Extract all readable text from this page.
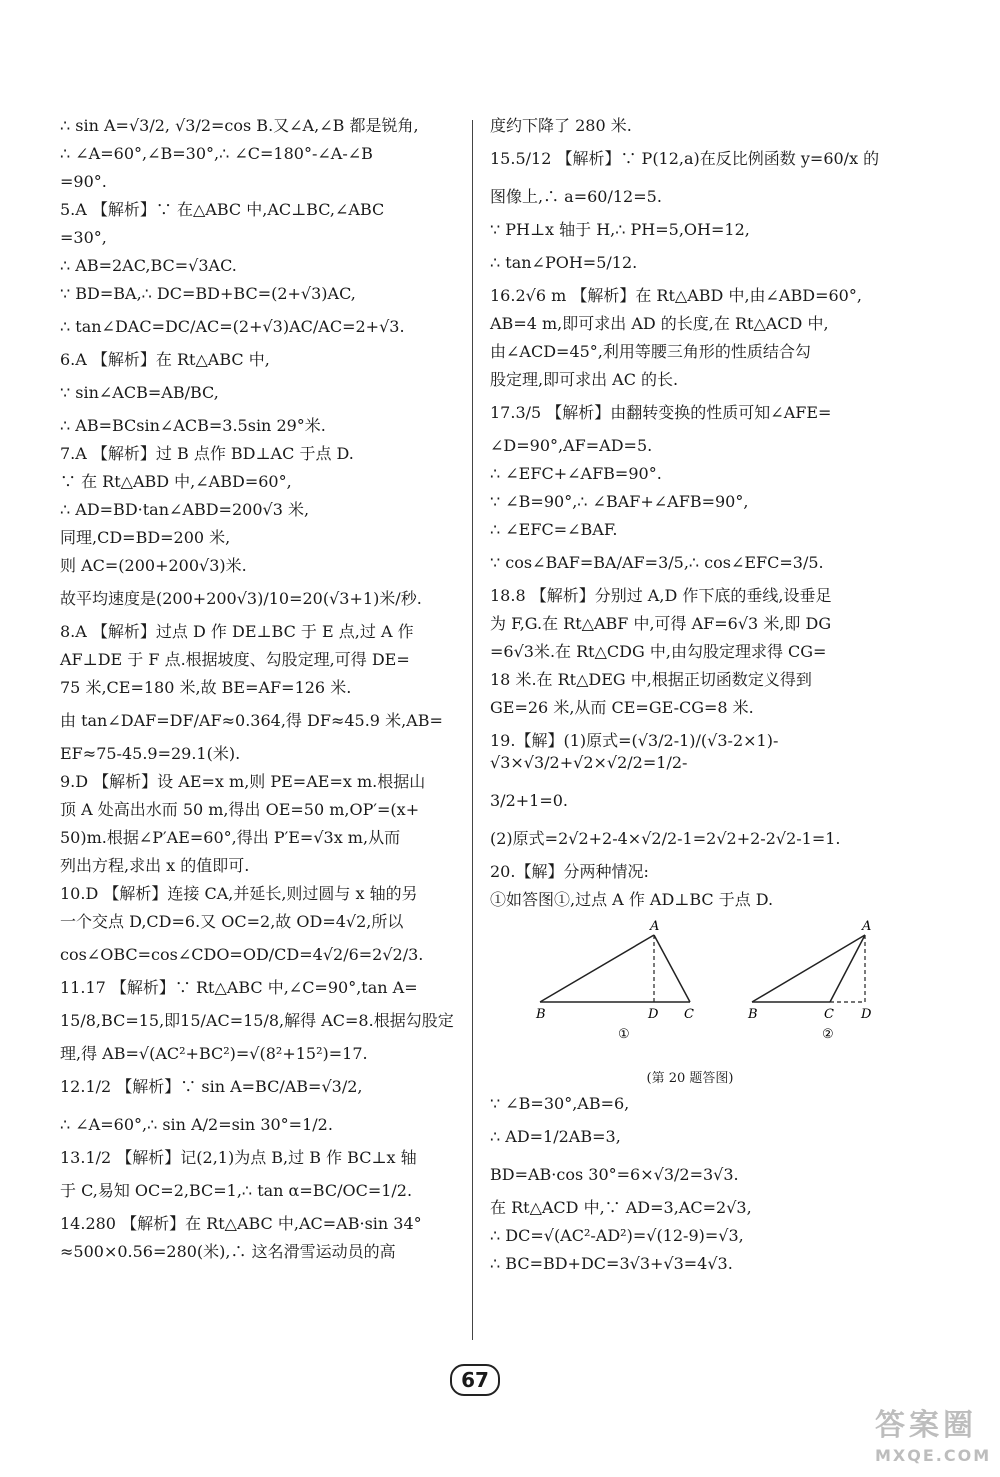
∴ sin A=√3/2, √3/2=cos B.又∠A,∠B 都是锐角,

∴ ∠A=60°,∠B=30°,∴ ∠C=180°-∠A-∠B

=90°.

5.A 【解析】∵ 在△ABC 中,AC⊥BC,∠ABC

=30°,

∴ AB=2AC,BC=√3AC.

∵ BD=BA,∴ DC=BD+BC=(2+√3)AC,

∴ tan∠DAC=DC/AC=(2+√3)AC/AC=2+√3.

6.A 【解析】在 Rt△ABC 中,

∵ sin∠ACB=AB/BC,

∴ AB=BCsin∠ACB=3.5sin 29°米.

7.A 【解析】过 B 点作 BD⊥AC 于点 D.

∵ 在 Rt△ABD 中,∠ABD=60°,

∴ AD=BD·tan∠ABD=200√3 米,

同理,CD=BD=200 米,

则 AC=(200+200√3)米.

故平均速度是(200+200√3)/10=20(√3+1)米/秒.

8.A 【解析】过点 D 作 DE⊥BC 于 E 点,过 A 作

AF⊥DE 于 F 点.根据坡度、勾股定理,可得 DE=

75 米,CE=180 米,故 BE=AF=126 米.

由 tan∠DAF=DF/AF≈0.364,得 DF≈45.9 米,AB=

EF≈75-45.9=29.1(米).

9.D 【解析】设 AE=x m,则 PE=AE=x m.根据山

顶 A 处高出水而 50 m,得出 OE=50 m,OP′=(x+

50)m.根据∠P′AE=60°,得出 P′E=√3x m,从而

列出方程,求出 x 的值即可.

10.D 【解析】连接 CA,并延长,则过圆与 x 轴的另

一个交点 D,CD=6.又 OC=2,故 OD=4√2,所以

cos∠OBC=cos∠CDO=OD/CD=4√2/6=2√2/3.

11.17 【解析】∵ Rt△ABC 中,∠C=90°,tan A=

15/8,BC=15,即15/AC=15/8,解得 AC=8.根据勾股定

理,得 AB=√(AC²+BC²)=√(8²+15²)=17.

12.1/2 【解析】∵ sin A=BC/AB=√3/2,

∴ ∠A=60°,∴ sin A/2=sin 30°=1/2.

13.1/2 【解析】记(2,1)为点 B,过 B 作 BC⊥x 轴

于 C,易知 OC=2,BC=1,∴ tan α=BC/OC=1/2.

14.280 【解析】在 Rt△ABC 中,AC=AB·sin 34°

≈500×0.56=280(米),∴ 这名滑雪运动员的高

度约下降了 280 米.

15.5/12 【解析】∵ P(12,a)在反比例函数 y=60/x 的

图像上,∴ a=60/12=5.

∵ PH⊥x 轴于 H,∴ PH=5,OH=12,

∴ tan∠POH=5/12.

16.2√6 m 【解析】在 Rt△ABD 中,由∠ABD=60°,

AB=4 m,即可求出 AD 的长度,在 Rt△ACD 中,

由∠ACD=45°,利用等腰三角形的性质结合勾

股定理,即可求出 AC 的长.

17.3/5 【解析】由翻转变换的性质可知∠AFE=

∠D=90°,AF=AD=5.

∴ ∠EFC+∠AFB=90°.

∵ ∠B=90°,∴ ∠BAF+∠AFB=90°,

∴ ∠EFC=∠BAF.

∵ cos∠BAF=BA/AF=3/5,∴ cos∠EFC=3/5.

18.8 【解析】分别过 A,D 作下底的垂线,设垂足

为 F,G.在 Rt△ABF 中,可得 AF=6√3 米,即 DG

=6√3米.在 Rt△CDG 中,由勾股定理求得 CG=

18 米.在 Rt△DEG 中,根据正切函数定义得到

GE=26 米,从而 CE=GE-CG=8 米.

19.【解】(1)原式=(√3/2-1)/(√3-2×1)-√3×√3/2+√2×√2/2=1/2-

3/2+1=0.

(2)原式=2√2+2-4×√2/2-1=2√2+2-2√2-1=1.

20.【解】分两种情况:

①如答图①,过点 A 作 AD⊥BC 于点 D.

A
B	D C
①
A
B	C D
②

(第 20 题答图)

∵ ∠B=30°,AB=6,

∴ AD=1/2AB=3,

BD=AB·cos 30°=6×√3/2=3√3.

在 Rt△ACD 中,∵ AD=3,AC=2√3,

∴ DC=√(AC²-AD²)=√(12-9)=√3,

∴ BC=BD+DC=3√3+√3=4√3.

67
答案圈
MXQE.COM
